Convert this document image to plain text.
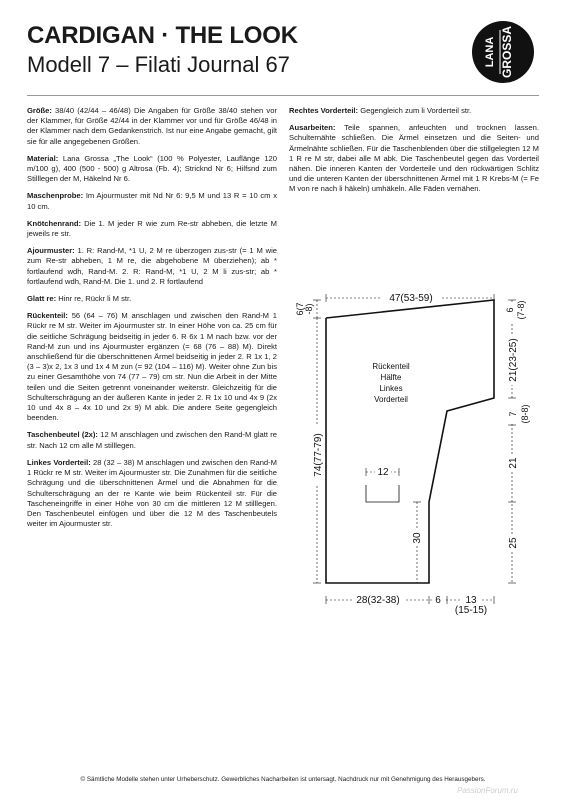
CARDIGAN · THE LOOK
Modell 7 – Filati Journal 67	LANA GROSSA

Größe: 38/40 (42/44 – 46/48) Die Angaben für Größe 38/40 stehen vor der Klammer, für Größe 42/44 in der Klammer vor und für Größe 46/48 in der Klammer nach dem Gedankenstrich. Ist nur eine Angabe gemacht, gilt sie für alle angegebenen Größen.

Material: Lana Grossa „The Look“ (100 % Polyester, Lauflänge 120 m/100 g), 400 (500 - 500) g Altrosa (Fb. 4); Stricknd Nr 6; Hilfsnd zum Stilllegen der M, Häkelnd Nr 6.

Maschenprobe: Im Ajourmuster mit Nd Nr 6: 9,5 M und 13 R = 10 cm x 10 cm.

Knötchenrand: Die 1. M jeder R wie zum Re-str abheben, die letzte M jeweils re str.

Ajourmuster: 1. R: Rand-M, *1 U, 2 M re überzogen zus-str (= 1 M wie zum Re-str abheben, 1 M re, die abgehobene M überziehen); ab * fortlaufend wdh, Rand-M. 2. R: Rand-M, *1 U, 2 M li zus-str; ab * fortlaufend wdh, Rand-M. Die 1. und 2. R fortlaufend

Glatt re: Hinr re, Rückr li M str.

Rückenteil: 56 (64 – 76) M anschlagen und zwischen den Rand-M 1 Rückr re M str. Weiter im Ajourmuster str. In einer Höhe von ca. 25 cm für die seitliche Schrägung beidseitig in jeder 6. R 6x 1 M nach bzw. vor der Rand-M zun und ins Ajourmuster ergänzen (= 68 (76 – 88) M). Direkt anschließend für die überschnittenen Ärmel beidseitig in jeder 2. R 1x 1, 2 (3 – 3)x 2, 1x 3 und 1x 4 M zun (= 92 (104 – 116) M). Weiter ohne Zun bis zu einer Gesamthöhe von 74 (77 – 79) cm str. Nun die Arbeit in der Mitte teilen und die Seiten getrennt voneinander weiterstr. Gleichzeitig für die Schulterschrägung an der äußeren Kante in jeder 2. R 1x 10 und 4x 9 (2x 10 und 4x 8 – 4x 10 und 2x 9) M abk. Die andere Seite gegengleich beenden.

Taschenbeutel (2x): 12 M anschlagen und zwischen den Rand-M glatt re str. Nach 12 cm alle M stilllegen.

Linkes Vorderteil: 28 (32 – 38) M anschlagen und zwischen den Rand-M 1 Rückr re M str. Weiter im Ajourmuster str. Die Zunahmen für die seitliche Schrägung und die überschnittenen Ärmel und die Abnahmen für die Schulterschrägung an der re Kante wie beim Rückenteil str. Für die Tascheneingriffe in einer Höhe von 30 cm die mittleren 12 M stilllegen. Den Taschenbeutel einfügen und über die 12 M des Taschenbeutels weiter im Ajourmuster str.

Rechtes Vorderteil: Gegengleich zum li Vorderteil str.

Ausarbeiten: Teile spannen, anfeuchten und trocknen lassen. Schulternähte schließen. Die Ärmel einsetzen und die Seiten- und Ärmelnähte schließen. Für die Taschenblenden über die stillgelegten 12 M 1 R re M str, dabei alle M abk. Die Taschenbeutel gegen das Vorderteil nähen. Die inneren Kanten der Vorderteile und den rückwärtigen Schlitz und die unteren Kanten der überschnittenen Ärmel mit 1 R Krebs-M (= Fe M von re nach li häkeln) umhäkeln. Alle Fäden vernähen.

Rückenteil
Hälfte
Linkes
Vorderteil
47(53-59)
6(7 -8)
74(77-79)
6 (7-8)
21(23-25)
7 (8-8)
21
25
12
30
28(32-38)	6 13
(15-15)
© Sämtliche Modelle stehen unter Urheberschutz. Gewerbliches Nacharbeiten ist untersagt. Nachdruck nur mit Genehmigung des Herausgebers.
PassionForum.ru
